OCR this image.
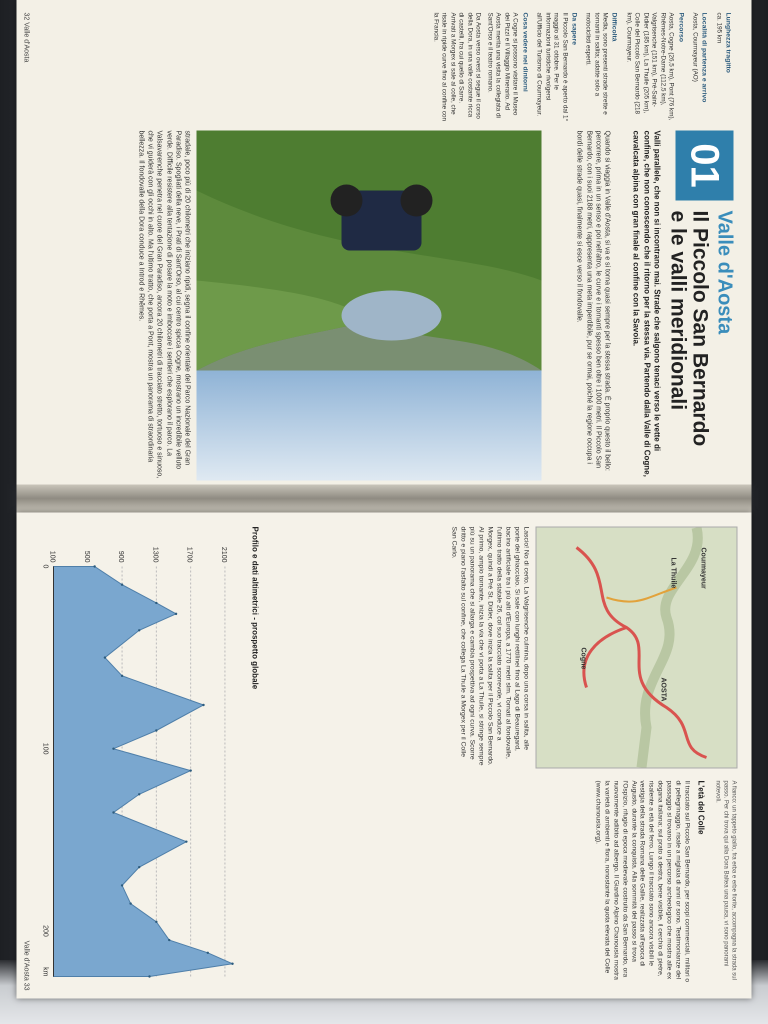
01
Valle d'Aosta
Il Piccolo San Bernardo
e le valli meridionali
Valli parallele, che non si incontrano mai. Strade che salgono tenaci verso le vette di confine, che non conoscendo che il ritorno per la stessa via. Partendo dalla Valle di Cogne, cavalcata alpina con gran finale al confine con la Savoia.
Quando si viaggia in Valle d'Aosta, si va e si torna quasi sempre per la stessa strada. È proprio questo il bello: percorrere, prima in un senso e poi nell'altro, le curve e i tornanti spesso ben oltre i 1000 metri. Il Piccolo San Bernardo, con i suoi 2188 metri, rappresenta una meta imperdibile, pur se ormai, poiché la regione occupa i bordi delle strade quasi, finalmente si esce verso il fondovalle.
Lunghezza tragitto
ca. 195 km
Località di partenza e arrivo
Aosta, Courmayeur (AO)
Percorso
Aosta, Cogne (26,5 km), Pont (76 km), Rhêmes-Notre-Dame (112,5 km), Valgrisenche (151 km), Pré-Saint-Didier (185 km), La Thuile (205 km), Colle del Piccolo San Bernardo (218 km), Courmayeur.
Difficoltà
Media, sono presenti strade strette e tornanti in salita; adatte solo a motociclisti esperti.
Da sapere
Il Piccolo San Bernardo è aperto dal 1° maggio al 31 ottobre. Per le informazioni turistiche rivolgersi all'Ufficio del Turismo di Courmayeur.
Cosa vedere nei dintorni
A Cogne si possono visitare il Museo dei Pizzi e il Villaggio Minerario. Ad Aosta merita una visita la collegiata di Sant'Orso e il teatro romano.
Da Aosta verso ovest si segue il corso della Dora, in una valle costante ricca di castelli, fra cui quello di Sarre. Arrivati a Morgex si sale al colle, che risale in ripide curve fino al confine con la Francia.
stradale, poco più di 20 chilometri che iniziano ripidi, segna il confine orientale del Parco Nazionale del Gran Paradiso. Spogliati della neve, i Prati di Sant'Orso, al cui centro spicca Cogne, mostrano un incredibile velluto verde. Difficile resistere alla tentazione di posare la moto e imboccare i sentieri che esplorano il parco. La Valsavarenche penetra nel cuore del Gran Paradiso, ancora 20 chilometri di tracciato stretto, tortuoso e sinuoso, che vi guiderà con gli occhi in alto. Ma l'ultimo tratto, che porta a Pont, mostra un panorama di straordinaria bellezza. Il fondovalle della Dora conduce a Introd e Rhêmes.
32 Valle d'Aosta
AOSTA
Cogne
La Thuile	Courmayeur
Lascio! No di certo. La Valgrisenche culmina, dopo una corsa in salita, alle porte del ghiacciaio. Si sale con lunghi rettilinei fino al Lago di Beauregard, bacino artificiale tra i più alti d'Europa, a 1770 metri slm. Tornati al fondovalle, l'ultimo tratto della statale 26, col suo tracciato scorrevole, vi conduce a Morgex, quindi a Pré St. Didier, dove inizia la salita per il Piccolo San Bernardo. Al primo, ampio tornante, inizia la via che vi porta a La Thuile, si stringe sempre più su un panorama che si allarga e cambia prospettiva ad ogni curva. Scorre dritto e piano l'asfalto sul confine, che collega La Thuile a Morgex per il Colle San Carlo.
A fianco: un tappeto giallo, fra erba e erbe fiorite, accompagna la strada sul passo. Per chi trova qui alla Dora Baltea una pausa, vi sono panorami notevoli.
L'età del Colle
Il tracciato sul Piccolo San Bernardo, per scopi commerciali, militari o di pellegrinaggio, risale a migliaia di anni or sono. Testimonianze del passaggio si trovano in un percorso archeologico che mostra alle ex dogana italiana; sul prato a destra, bene visibile, il cerchio di pietre, risalente a età del ferro. Lungo il tracciato sono ancora visibili le vestigia della strada Romana delle Gallie, realizzata all'epoca di Augusto, durante la conquista. Alla sommità del passo si trova l'Ospizio, rifugio di epoca medievale costruito da San Bernardo, ora nuovamente adibito ad albergo. Il Giardino Alpino Chanousia mostra la varietà di ambienti e flora, nonostante la quota elevata del Colle (www.chanousia.org).
Profilo e dati altimetrici - prospetto globale
2100
1700
1300
900
500
100
0
100
200
km
Valle d'Aosta 33
